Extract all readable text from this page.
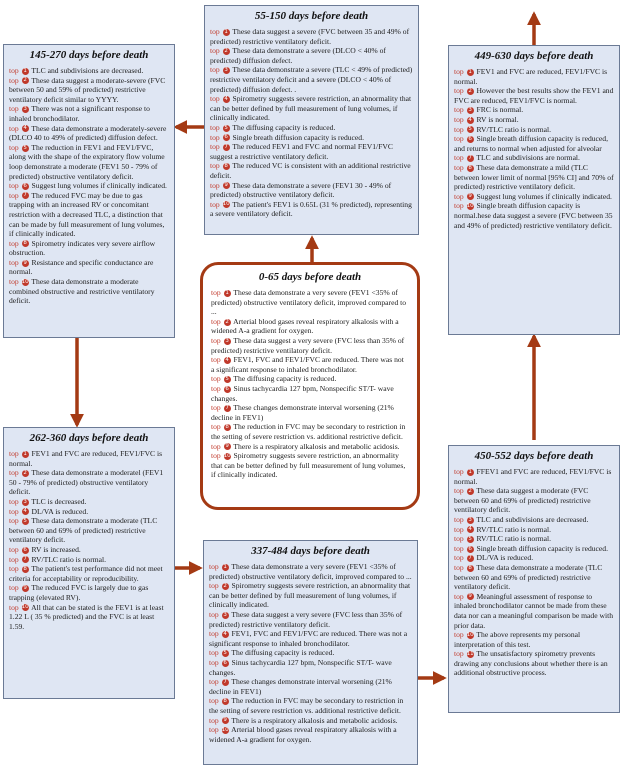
55-150 days before death

top 1 These data suggest a severe (FVC between 35 and 49% of predicted) restrictive ventilatory deficit.

top 2 These data demonstrate a severe (DLCO < 40% of predicted) diffusion defect.

top 3 These data demonstrate a severe (TLC < 49% of predicted) restrictive ventilatory deficit and a severe (DLCO < 40% of predicted) diffusion defect. .

top 4 Spirometry suggests severe restriction, an abnormality that can be better defined by full measurement of lung volumes, if clinically indicated.

top 5 The diffusing capacity is reduced.

top 6 Single breath diffusion capacity is reduced.

top 7 The reduced FEV1 and FVC and normal FEV1/FVC suggest a restrictive ventilatory deficit.

top 8 The reduced VC is consistent with an additional restrictive deficit.

top 9 These data demonstrate a severe (FEV1 30 - 49% of predicted) obstructive ventilatory deficit.

top 10 The patient's FEV1 is 0.65L (31 % predicted), representing a severe ventilatory deficit.

145-270 days before death

top 1 TLC and subdivisions are decreased.

top 2 These data suggest a moderate-severe (FVC between 50 and 59% of predicted) restrictive ventilatory deficit similar to YYYY.

top 3 There was not a significant response to inhaled bronchodilator.

top 4 These data demonstrate a moderately-severe (DLCO 40 to 49% of predicted) diffusion defect.

top 5 The reduction in FEV1 and FEV1/FVC, along with the shape of the expiratory flow volume loop demonstrate a moderate (FEV1 50 - 79% of predicted) obstructive ventilatory deficit.

top 6 Suggest lung volumes if clinically indicated.

top 7 The reduced FVC may be due to gas trapping with an increased RV or concomitant restriction with a decreased TLC, a distinction that can be made by full measurement of lung volumes, if clinically indicated.

top 8 Spirometry indicates very severe airflow obstruction.

top 9 Resistance and specific conductance are normal.

top 10 These data demonstrate a moderate combined obstructive and restrictive ventilatory deficit.

449-630 days before death

top 1 FEV1 and FVC are reduced, FEV1/FVC is normal.

top 2 However the best results show the FEV1 and FVC are reduced, FEV1/FVC is normal.

top 3 FRC is normal.

top 4 RV is normal.

top 5 RV/TLC ratio is normal.

top 6 Single breath diffusion capacity is reduced, and returns to normal when adjusted for alveolar

top 7 TLC and subdivisions are normal.

top 8 These data demonstrate a mild (TLC between lower limit of normal [95% CI] and 70% of predicted) restrictive ventilatory deficit.

top 9 Suggest lung volumes if clinically indicated.

top 10 Single breath diffusion capacity is normal.hese data suggest a severe (FVC between 35 and 49% of predicted) restrictive ventilatory deficit.

0-65 days before death

top 1 These data demonstrate a very severe (FEV1 <35% of predicted) obstructive ventilatory deficit, improved compared to ...

top 2 Arterial blood gases reveal respiratory alkalosis with a widened A-a gradient for oxygen.

top 3 These data suggest a very severe (FVC less than 35% of predicted) restrictive ventilatory deficit.

top 4 FEV1, FVC and FEV1/FVC are reduced. There was not a significant response to inhaled bronchodilator.

top 5 The diffusing capacity is reduced.

top 6 Sinus tachycardia 127 bpm, Nonspecific ST/T- wave changes.

top 7 These changes demonstrate interval worsening (21% decline in FEV1)

top 8 The reduction in FVC may be secondary to restriction in the setting of severe restriction vs. additional restrictive deficit.

top 9 There is a respiratory alkalosis and metabolic acidosis.

top 10 Spirometry suggests severe restriction, an abnormality that can be better defined by full measurement of lung volumes, if clinically indicated.

262-360 days before death

top 1 FEV1 and FVC are reduced, FEV1/FVC is normal.

top 2 These data demonstrate a moderatel (FEV1 50 - 79% of predicted) obstructive ventilatory deficit.

top 3 TLC is decreased.

top 4 DL/VA is reduced.

top 5 These data demonstrate a moderate (TLC between 60 and 69% of predicted) restrictive ventilatory deficit.

top 6 RV is increased.

top 7 RV/TLC ratio is normal.

top 8 The patient's test performance did not meet criteria for acceptability or reproducibility.

top 9 The reduced FVC is largely due to gas trapping (elevated RV).

top 10 All that can be stated is the FEV1 is at least 1.22 L ( 35 % predicted) and the FVC is at least 1.59.

337-484 days before death

top 1 These data demonstrate a very severe (FEV1 <35% of predicted) obstructive ventilatory deficit, improved compared to ...

top 2 Spirometry suggests severe restriction, an abnormality that can be better defined by full measurement of lung volumes, if clinically indicated.

top 3 These data suggest a very severe (FVC less than 35% of predicted) restrictive ventilatory deficit.

top 4 FEV1, FVC and FEV1/FVC are reduced. There was not a significant response to inhaled bronchodilator.

top 5 The diffusing capacity is reduced.

top 6 Sinus tachycardia 127 bpm, Nonspecific ST/T- wave changes.

top 7 These changes demonstrate interval worsening (21% decline in FEV1)

top 8 The reduction in FVC may be secondary to restriction in the setting of severe restriction vs. additional restrictive deficit.

top 9 There is a respiratory alkalosis and metabolic acidosis.

top 10 Arterial blood gases reveal respiratory alkalosis with a widened A-a gradient for oxygen.

450-552 days before death

top 1 FFEV1 and FVC are reduced, FEV1/FVC is normal.

top 2 These data suggest a moderate (FVC between 60 and 69% of predicted) restrictive ventilatory deficit.

top 3 TLC and subdivisions are decreased.

top 4 RV/TLC ratio is normal.

top 5 RV/TLC ratio is normal.

top 6 Single breath diffusion capacity is reduced.

top 7 DL/VA is reduced.

top 8 These data demonstrate a moderate (TLC between 60 and 69% of predicted) restrictive ventilatory deficit.

top 9 Meaningful assessment of response to inhaled bronchodilator cannot be made from these data nor can a meaningful comparison be made with prior data.

top 10 The above represents my personal interpretation of this test.

top 11 The unsatisfactory spirometry prevents drawing any conclusions about whether there is an additional obstructive process.
